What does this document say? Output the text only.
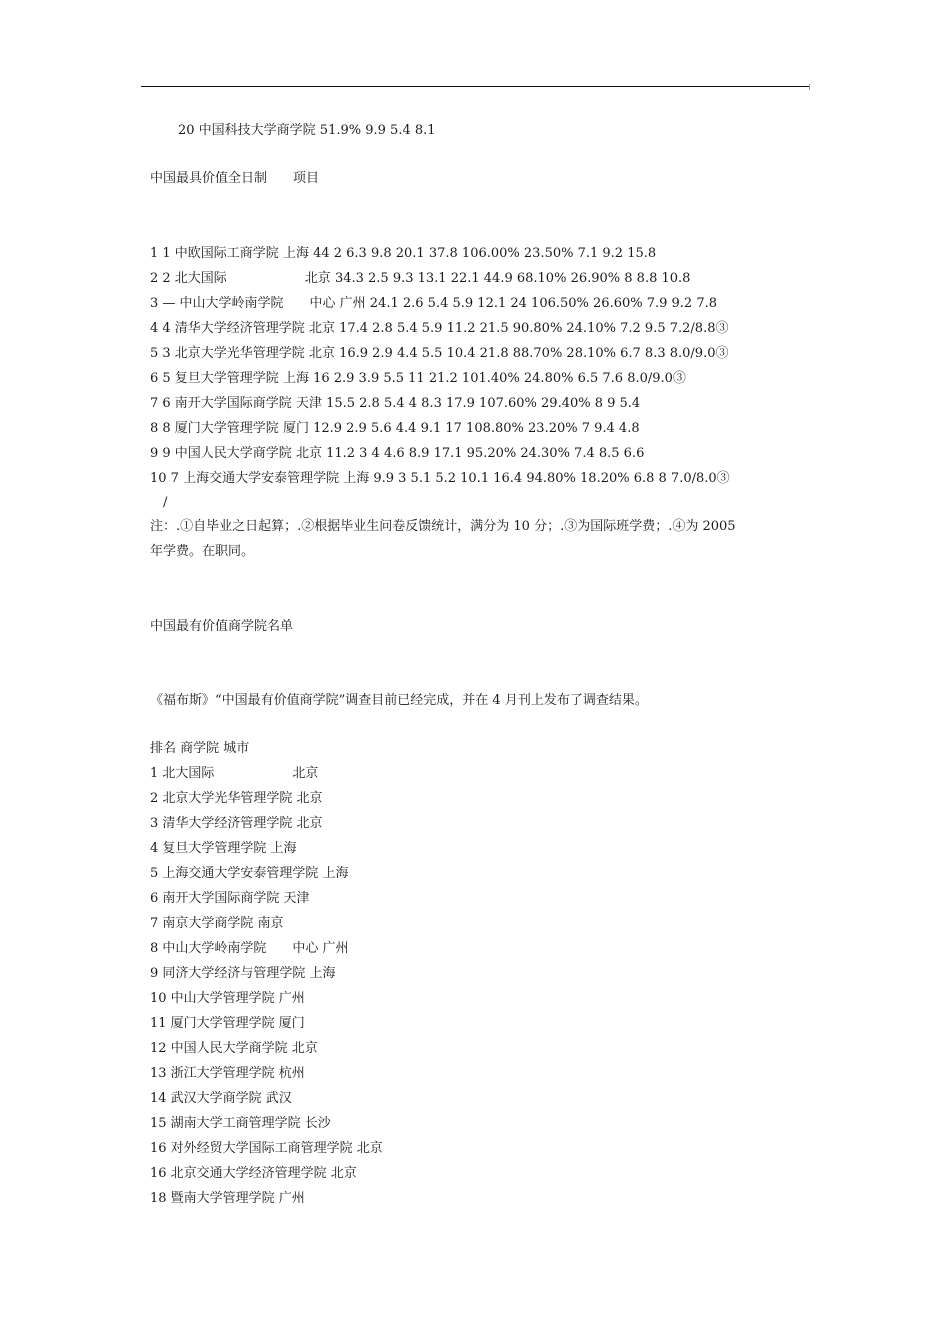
20 中国科技大学商学院 51.9% 9.9 5.4 8.1
中国最具价值全日制　　项目
1 1 中欧国际工商学院 上海 44 2 6.3 9.8 20.1 37.8 106.00% 23.50% 7.1 9.2 15.8
2 2 北大国际　　　　　　北京 34.3 2.5 9.3 13.1 22.1 44.9 68.10% 26.90% 8 8.8 10.8
3 — 中山大学岭南学院　　中心 广州 24.1 2.6 5.4 5.9 12.1 24 106.50% 26.60% 7.9 9.2 7.8
4 4 清华大学经济管理学院 北京 17.4 2.8 5.4 5.9 11.2 21.5 90.80% 24.10% 7.2 9.5 7.2/8.8③
5 3 北京大学光华管理学院 北京 16.9 2.9 4.4 5.5 10.4 21.8 88.70% 28.10% 6.7 8.3 8.0/9.0③
6 5 复旦大学管理学院 上海 16 2.9 3.9 5.5 11 21.2 101.40% 24.80% 6.5 7.6 8.0/9.0③
7 6 南开大学国际商学院 天津 15.5 2.8 5.4 4 8.3 17.9 107.60% 29.40% 8 9 5.4
8 8 厦门大学管理学院 厦门 12.9 2.9 5.6 4.4 9.1 17 108.80% 23.20% 7 9.4 4.8
9 9 中国人民大学商学院 北京 11.2 3 4 4.6 8.9 17.1 95.20% 24.30% 7.4 8.5 6.6
10 7 上海交通大学安泰管理学院 上海 9.9 3 5.1 5.2 10.1 16.4 94.80% 18.20% 6.8 8 7.0/8.0③
/
注：.①自毕业之日起算；.②根据毕业生问卷反馈统计，满分为 10 分；.③为国际班学费；.④为 2005
年学费。在职同。
中国最有价值商学院名单
《福布斯》“中国最有价值商学院”调查目前已经完成，并在 4 月刊上发布了调查结果。
排名 商学院 城市
1 北大国际　　　　　　北京
2 北京大学光华管理学院 北京
3 清华大学经济管理学院 北京
4 复旦大学管理学院 上海
5 上海交通大学安泰管理学院 上海
6 南开大学国际商学院 天津
7 南京大学商学院 南京
8 中山大学岭南学院　　中心 广州
9 同济大学经济与管理学院 上海
10 中山大学管理学院 广州
11 厦门大学管理学院 厦门
12 中国人民大学商学院 北京
13 浙江大学管理学院 杭州
14 武汉大学商学院 武汉
15 湖南大学工商管理学院 长沙
16 对外经贸大学国际工商管理学院 北京
16 北京交通大学经济管理学院 北京
18 暨南大学管理学院 广州
